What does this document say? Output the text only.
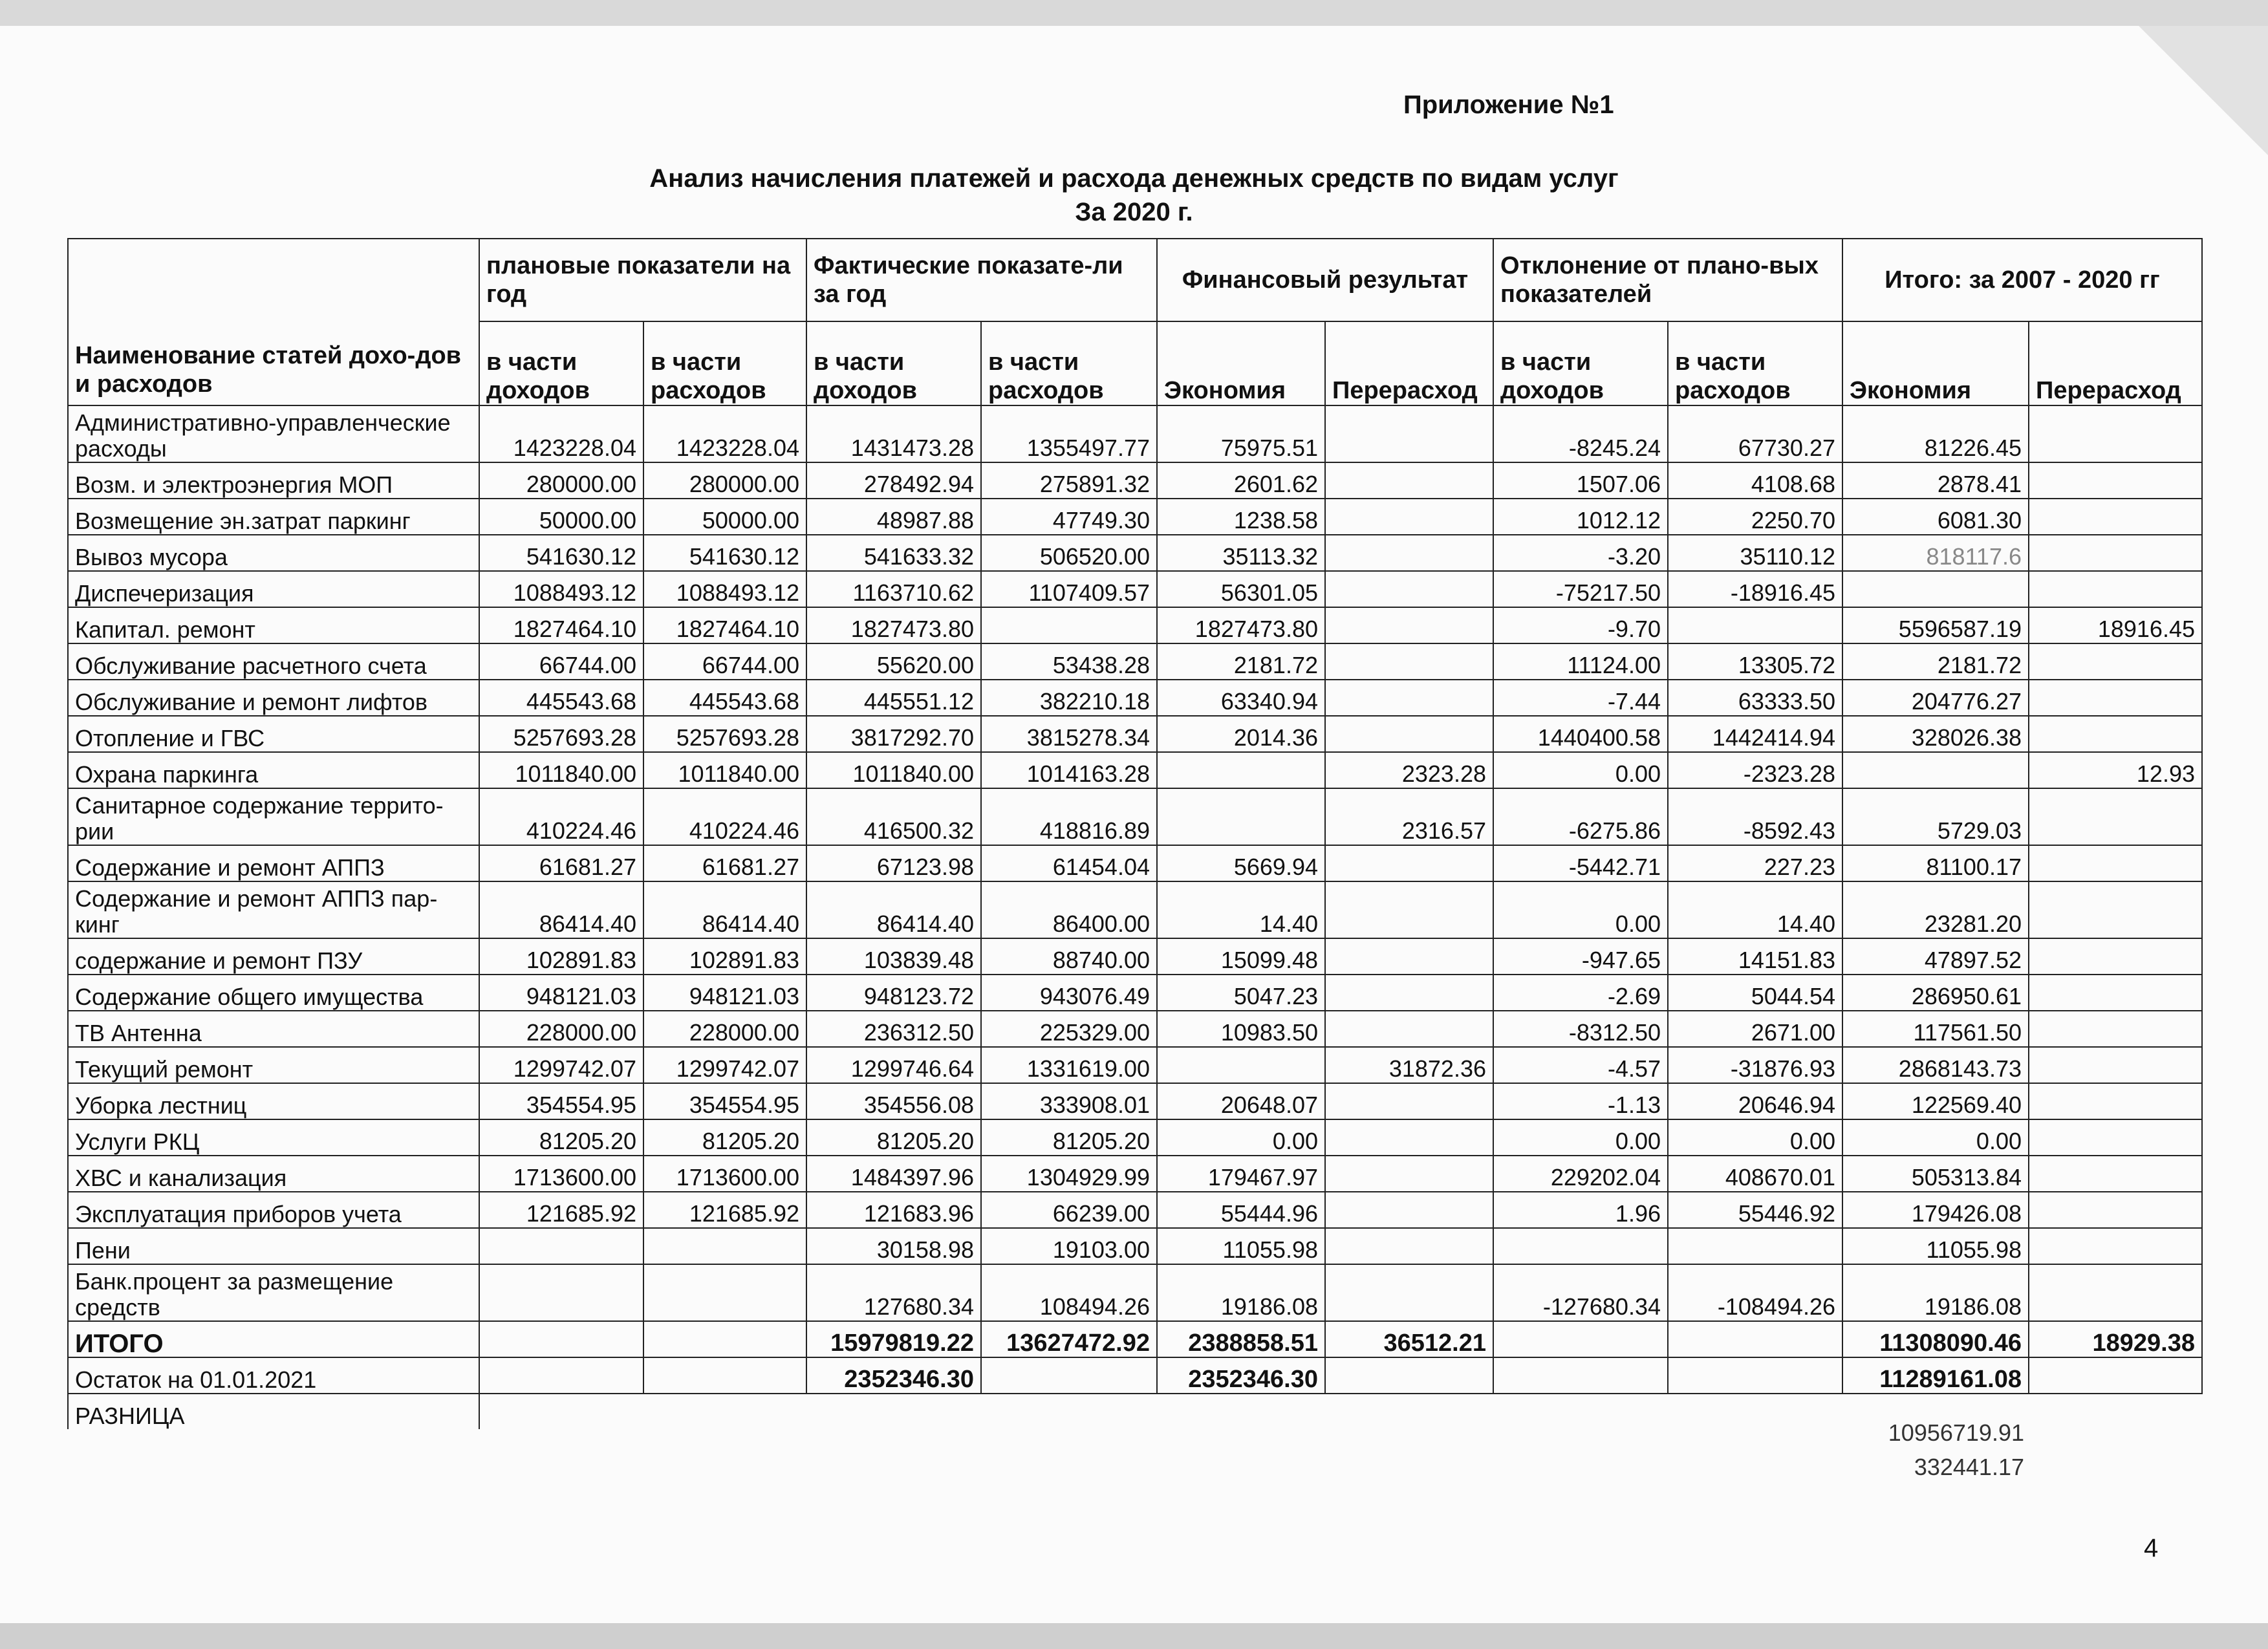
Приложение №1
Анализ начисления платежей и расхода денежных средств по видам услуг
За 2020 г.
Наименование статей дохо-дов и расходов	плановые показатели на год		Фактические показате-ли за год		Финансовый результат		Отклонение от плано-вых показателей		Итого: за 2007 - 2020 гг	
	в части доходов	в части расходов	в части доходов	в части расходов	Экономия	Перерасход	в части доходов	в части расходов	Экономия	Перерасход
Административно-управленческие расходы	1423228.04	1423228.04	1431473.28	1355497.77	75975.51		-8245.24	67730.27	81226.45	
Возм. и электроэнергия МОП	280000.00	280000.00	278492.94	275891.32	2601.62		1507.06	4108.68	2878.41	
Возмещение эн.затрат паркинг	50000.00	50000.00	48987.88	47749.30	1238.58		1012.12	2250.70	6081.30	
Вывоз мусора	541630.12	541630.12	541633.32	506520.00	35113.32		-3.20	35110.12	818117.6	
Диспечеризация	1088493.12	1088493.12	1163710.62	1107409.57	56301.05		-75217.50	-18916.45		
Капитал. ремонт	1827464.10	1827464.10	1827473.80		1827473.80		-9.70		5596587.19	18916.45
Обслуживание расчетного счета	66744.00	66744.00	55620.00	53438.28	2181.72		11124.00	13305.72	2181.72	
Обслуживание и ремонт лифтов	445543.68	445543.68	445551.12	382210.18	63340.94		-7.44	63333.50	204776.27	
Отопление и ГВС	5257693.28	5257693.28	3817292.70	3815278.34	2014.36		1440400.58	1442414.94	328026.38	
Охрана паркинга	1011840.00	1011840.00	1011840.00	1014163.28		2323.28	0.00	-2323.28		12.93
Санитарное содержание террито-рии	410224.46	410224.46	416500.32	418816.89		2316.57	-6275.86	-8592.43	5729.03	
Содержание и ремонт АППЗ	61681.27	61681.27	67123.98	61454.04	5669.94		-5442.71	227.23	81100.17	
Содержание и ремонт АППЗ пар-кинг	86414.40	86414.40	86414.40	86400.00	14.40		0.00	14.40	23281.20	
содержание и ремонт ПЗУ	102891.83	102891.83	103839.48	88740.00	15099.48		-947.65	14151.83	47897.52	
Содержание общего имущества	948121.03	948121.03	948123.72	943076.49	5047.23		-2.69	5044.54	286950.61	
ТВ Антенна	228000.00	228000.00	236312.50	225329.00	10983.50		-8312.50	2671.00	117561.50	
Текущий ремонт	1299742.07	1299742.07	1299746.64	1331619.00		31872.36	-4.57	-31876.93	2868143.73	
Уборка лестниц	354554.95	354554.95	354556.08	333908.01	20648.07		-1.13	20646.94	122569.40	
Услуги РКЦ	81205.20	81205.20	81205.20	81205.20	0.00		0.00	0.00	0.00	
ХВС и канализация	1713600.00	1713600.00	1484397.96	1304929.99	179467.97		229202.04	408670.01	505313.84	
Эксплуатация приборов учета	121685.92	121685.92	121683.96	66239.00	55444.96		1.96	55446.92	179426.08	
Пени			30158.98	19103.00	11055.98				11055.98	
Банк.процент за размещение средств			127680.34	108494.26	19186.08		-127680.34	-108494.26	19186.08	
ИТОГО			15979819.22	13627472.92	2388858.51	36512.21			11308090.46	18929.38
Остаток на 01.01.2021			2352346.30		2352346.30				11289161.08	
РАЗНИЦА										
10956719.91
332441.17
4
